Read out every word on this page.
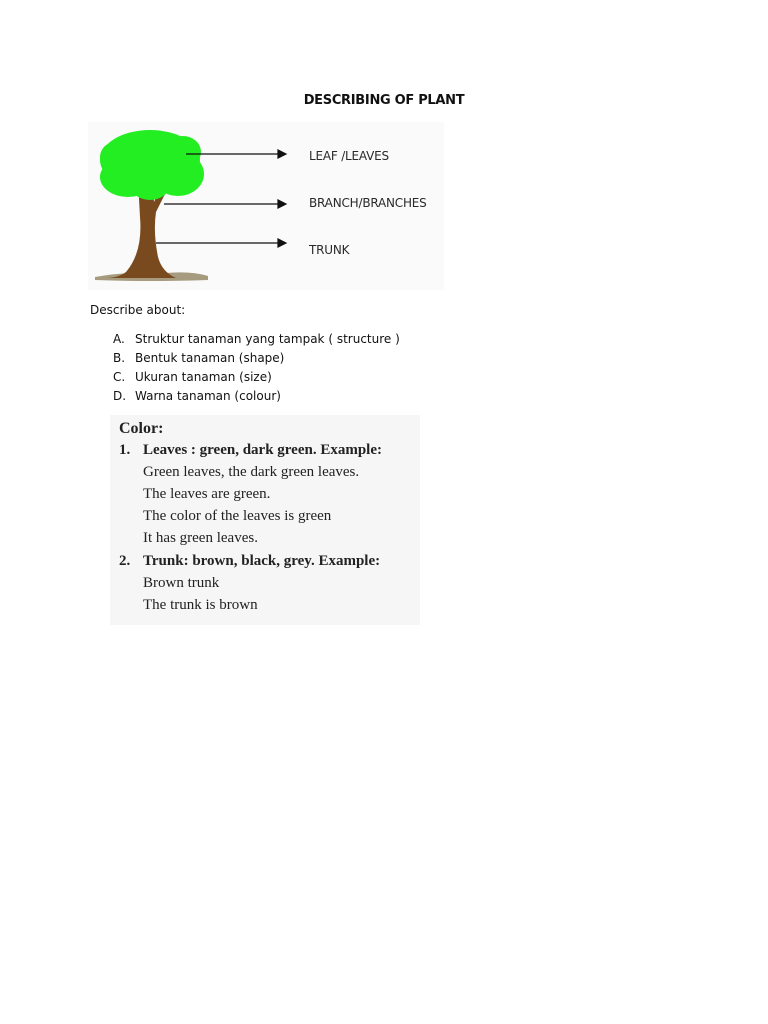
DESCRIBING OF PLANT
LEAF /LEAVES
BRANCH/BRANCHES
TRUNK
Describe about:
A. Struktur tanaman yang tampak ( structure )
B. Bentuk tanaman (shape)
C. Ukuran tanaman (size)
D. Warna tanaman (colour)
Color:
1. Leaves : green, dark green. Example:
Green leaves, the dark green leaves.
The leaves are green.
The color of the leaves is green
It has green leaves.
2. Trunk: brown, black, grey. Example:
Brown trunk
The trunk is brown
